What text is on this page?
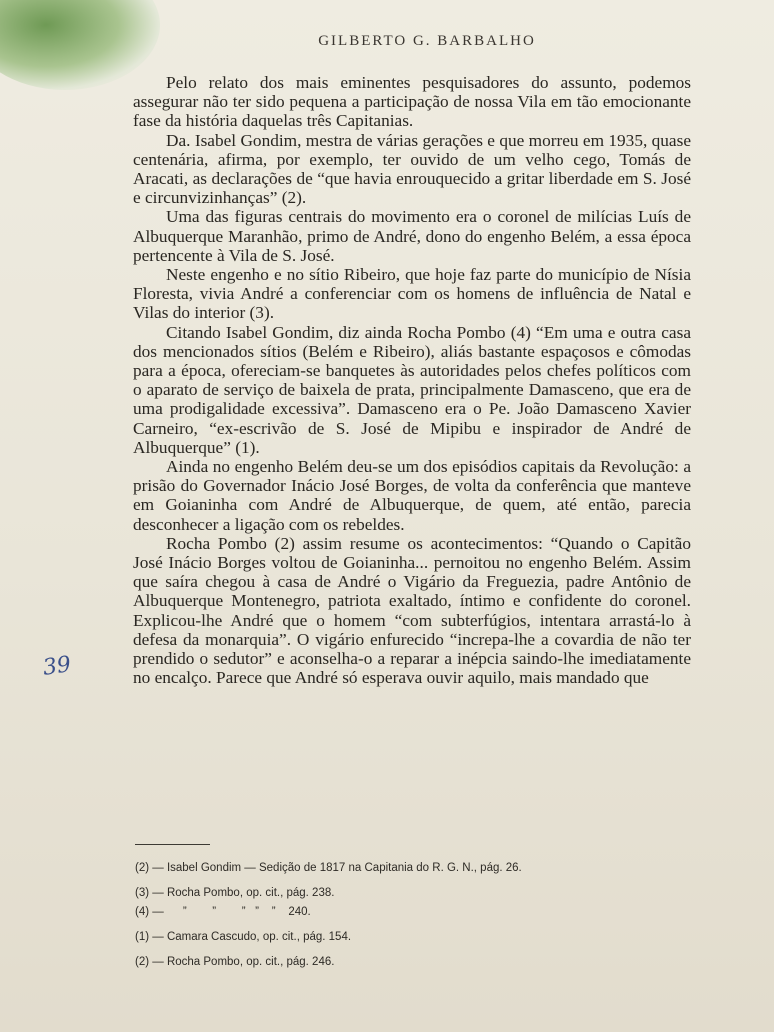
GILBERTO G. BARBALHO
39

Pelo relato dos mais eminentes pesquisadores do assunto, podemos assegurar não ter sido pequena a participação de nossa Vila em tão emocionante fase da história daquelas três Capitanias.

Da. Isabel Gondim, mestra de várias gerações e que morreu em 1935, quase centenária, afirma, por exemplo, ter ouvido de um velho cego, Tomás de Aracati, as declarações de “que havia enrouquecido a gritar liberdade em S. José e circunvizinhanças” (2).

Uma das figuras centrais do movimento era o coronel de milícias Luís de Albuquerque Maranhão, primo de André, dono do engenho Belém, a essa época pertencente à Vila de S. José.

Neste engenho e no sítio Ribeiro, que hoje faz parte do município de Nísia Floresta, vivia André a conferenciar com os homens de influência de Natal e Vilas do interior (3).

Citando Isabel Gondim, diz ainda Rocha Pombo (4) “Em uma e outra casa dos mencionados sítios (Belém e Ribeiro), aliás bastante espaçosos e cômodas para a época, ofereciam-se banquetes às autoridades pelos chefes políticos com o aparato de serviço de baixela de prata, principalmente Damasceno, que era de uma prodigalidade excessiva”. Damasceno era o Pe. João Damasceno Xavier Carneiro, “ex-escrivão de S. José de Mipibu e inspirador de André de Albuquerque” (1).

Ainda no engenho Belém deu-se um dos episódios capitais da Revolução: a prisão do Governador Inácio José Borges, de volta da conferência que manteve em Goianinha com André de Albuquerque, de quem, até então, parecia desconhecer a ligação com os rebeldes.

Rocha Pombo (2) assim resume os acontecimentos: “Quando o Capitão José Inácio Borges voltou de Goianinha... pernoitou no engenho Belém. Assim que saíra chegou à casa de André o Vigário da Freguezia, padre Antônio de Albuquerque Montenegro, patriota exaltado, íntimo e confidente do coronel. Explicou-lhe André que o homem “com subterfúgios, intentara arrastá-lo à defesa da monarquia”. O vigário enfurecido “increpa-lhe a covardia de não ter prendido o sedutor” e aconselha-o a reparar a inépcia saindo-lhe imediatamente no encalço. Parece que André só esperava ouvir aquilo, mais mandado que

(2) — Isabel Gondim — Sedição de 1817 na Capitania do R. G. N., pág. 26.
(3) — Rocha Pombo, op. cit., pág. 238.
(4) —      ”        ”        ”   ”    ”    240.
(1) — Camara Cascudo, op. cit., pág. 154.
(2) — Rocha Pombo, op. cit., pág. 246.
